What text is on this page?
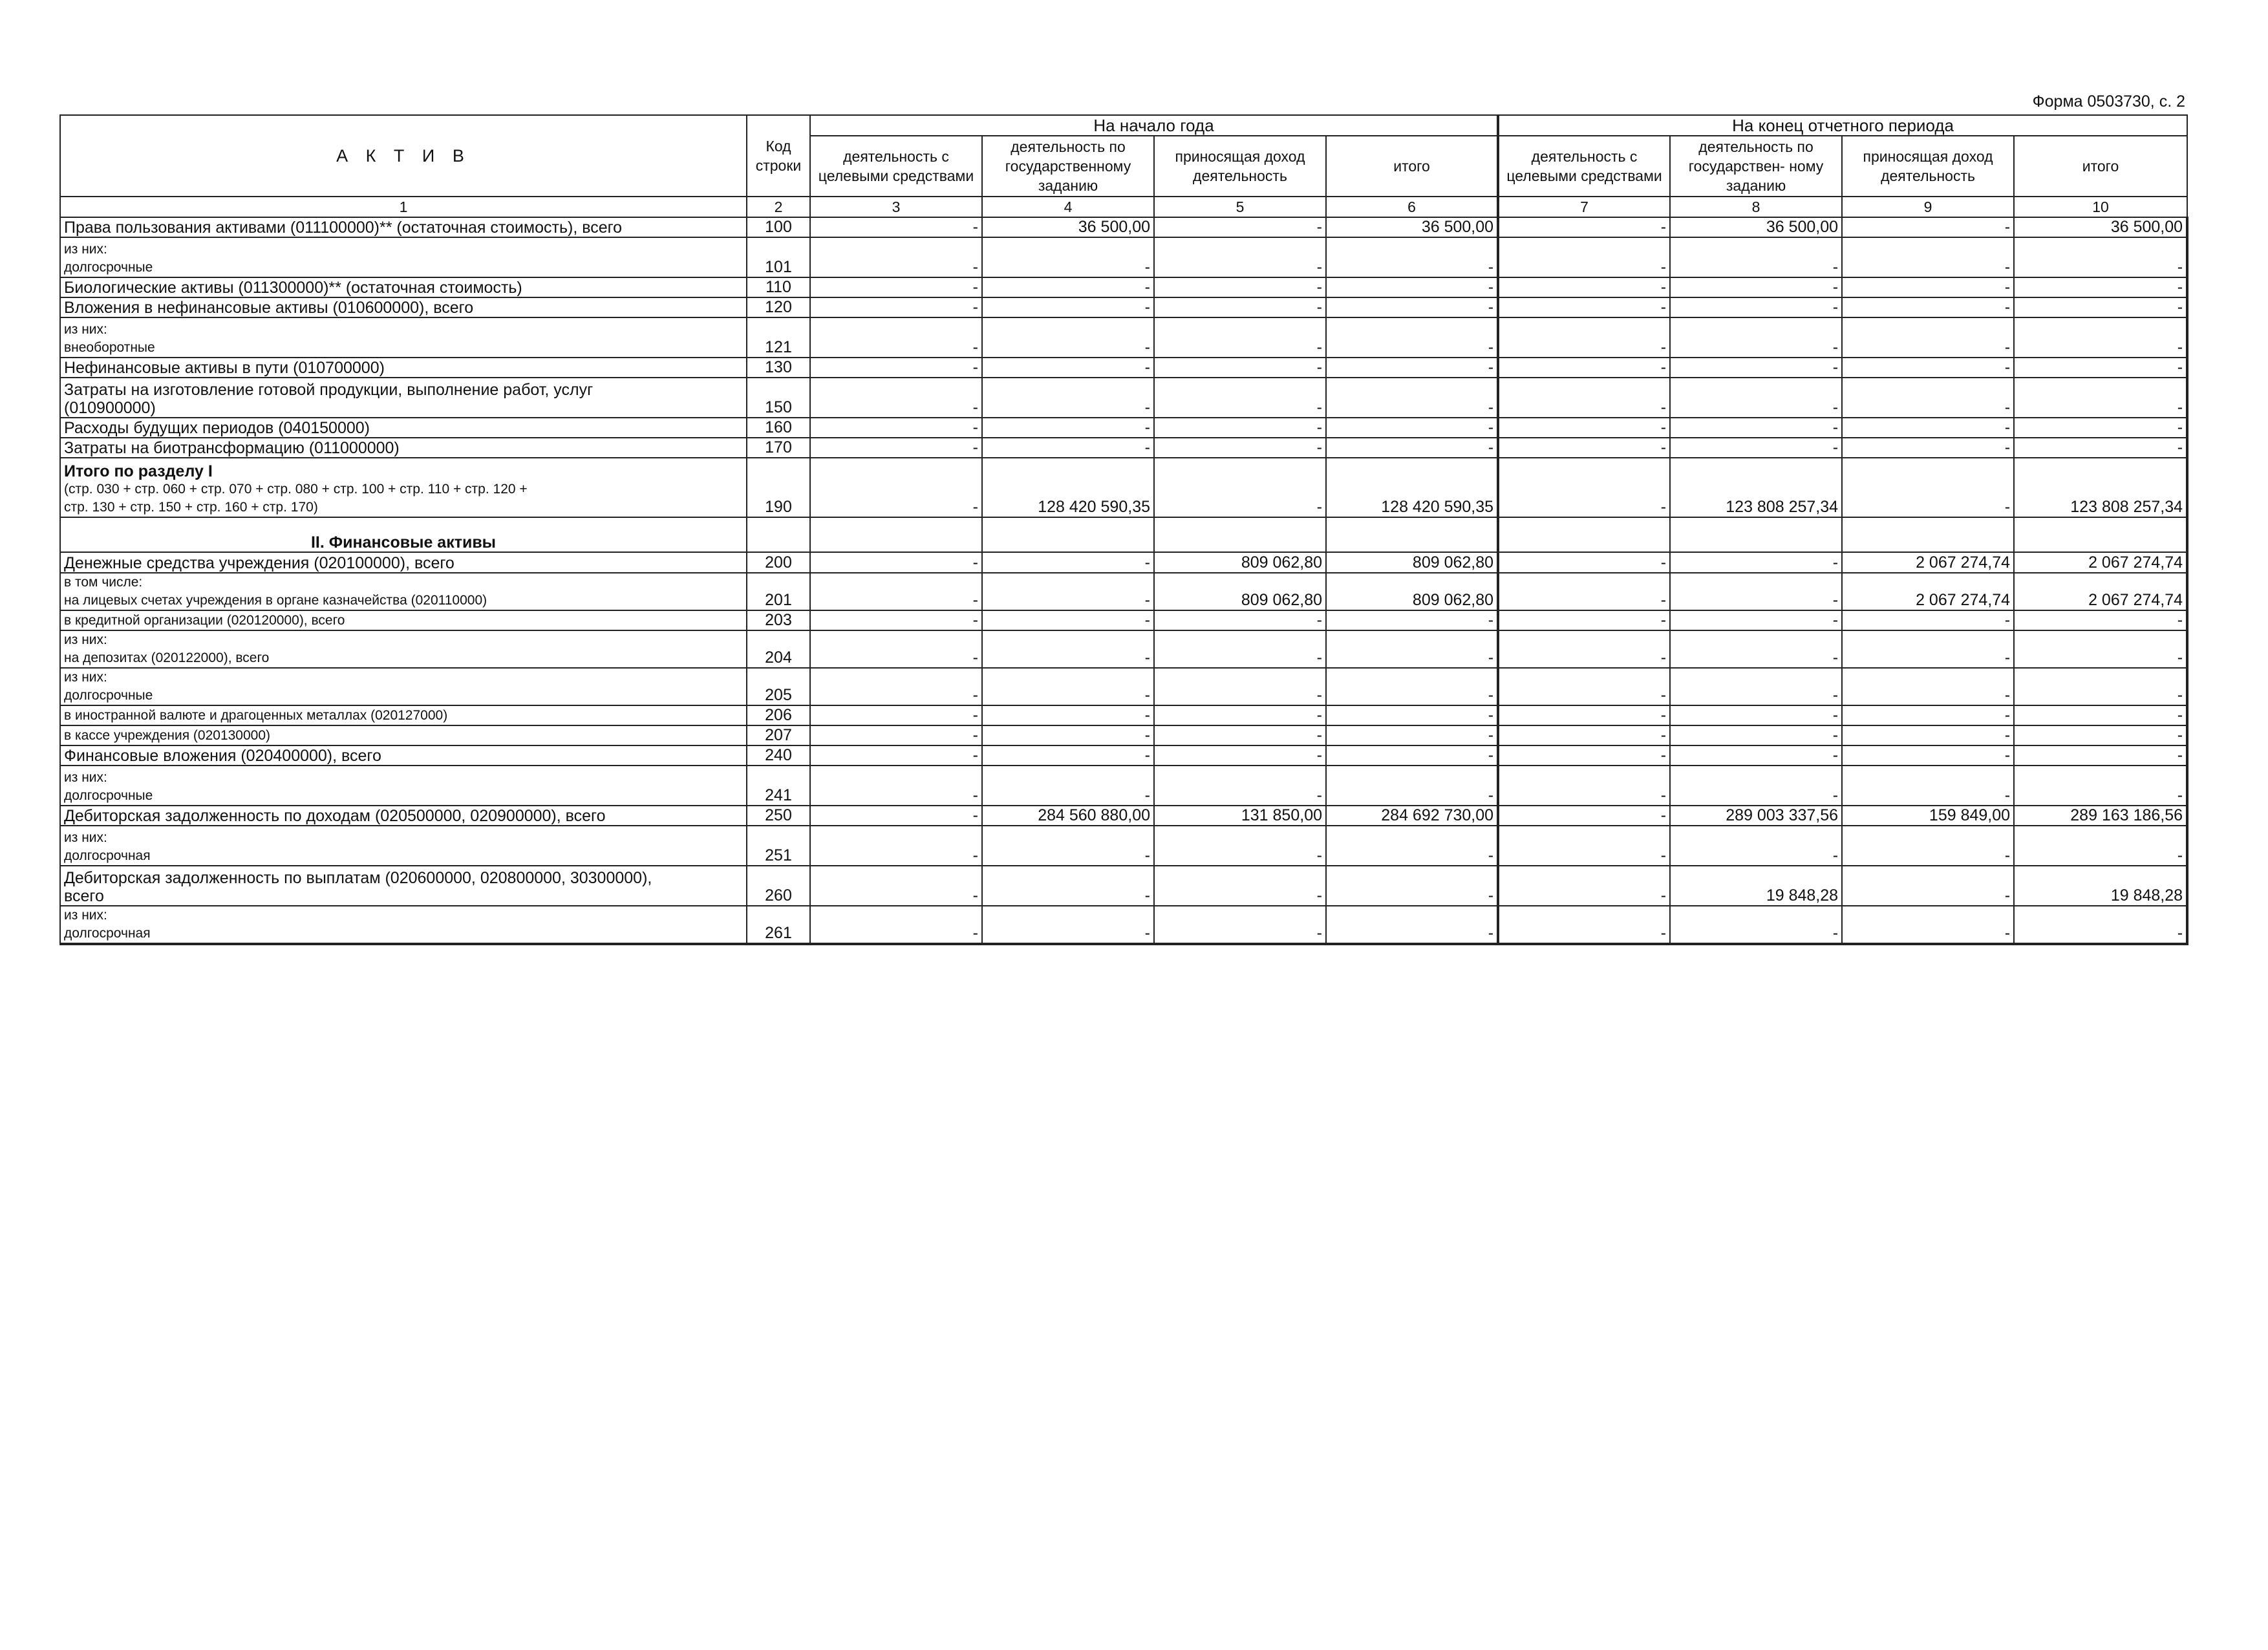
Форма 0503730, с. 2
А К Т И В	Код строки	На начало года				На конец отчетного периода			
		деятельность с целевыми средствами	деятельность по государственному заданию	приносящая доход деятельность	итого	деятельность с целевыми средствами	деятельность по государствен- ному заданию	приносящая доход деятельность	итого
1	2	3	4	5	6	7	8	9	10

Права пользования активами (011100000)** (остаточная стоимость), всего	100	-	36 500,00	-	36 500,00	-	36 500,00	-	36 500,00

из них:
долгосрочные	101	-	-	-	-	-	-	-	-

Биологические активы (011300000)** (остаточная стоимость)	110	-	-	-	-	-	-	-	-

Вложения в нефинансовые активы (010600000), всего	120	-	-	-	-	-	-	-	-

из них:
внеоборотные	121	-	-	-	-	-	-	-	-

Нефинансовые активы в пути (010700000)	130	-	-	-	-	-	-	-	-

Затраты на изготовление готовой продукции, выполнение работ, услуг
(010900000)	150	-	-	-	-	-	-	-	-

Расходы будущих периодов (040150000)	160	-	-	-	-	-	-	-	-

Затраты на биотрансформацию (011000000)	170	-	-	-	-	-	-	-	-

Итого по разделу I
(стр. 030 + стр. 060 + стр. 070 + стр. 080 + стр. 100 + стр. 110 + стр. 120 +
стр. 130 + стр. 150 + стр. 160 + стр. 170)	190	-	128 420 590,35	-	128 420 590,35	-	123 808 257,34	-	123 808 257,34
II. Финансовые активы									

Денежные средства учреждения (020100000), всего	200	-	-	809 062,80	809 062,80	-	-	2 067 274,74	2 067 274,74

в том числе:
на лицевых счетах учреждения в органе казначейства (020110000)	201	-	-	809 062,80	809 062,80	-	-	2 067 274,74	2 067 274,74

в кредитной организации (020120000), всего	203	-	-	-	-	-	-	-	-

из них:
на депозитах (020122000), всего	204	-	-	-	-	-	-	-	-

из них:
долгосрочные	205	-	-	-	-	-	-	-	-

в иностранной валюте и драгоценных металлах (020127000)	206	-	-	-	-	-	-	-	-

в кассе учреждения (020130000)	207	-	-	-	-	-	-	-	-

Финансовые вложения (020400000), всего	240	-	-	-	-	-	-	-	-

из них:
долгосрочные	241	-	-	-	-	-	-	-	-

Дебиторская задолженность по доходам (020500000, 020900000), всего	250	-	284 560 880,00	131 850,00	284 692 730,00	-	289 003 337,56	159 849,00	289 163 186,56

из них:
долгосрочная	251	-	-	-	-	-	-	-	-

Дебиторская задолженность по выплатам (020600000, 020800000, 30300000),
всего	260	-	-	-	-	-	19 848,28	-	19 848,28

из них:
долгосрочная	261	-	-	-	-	-	-	-	-
